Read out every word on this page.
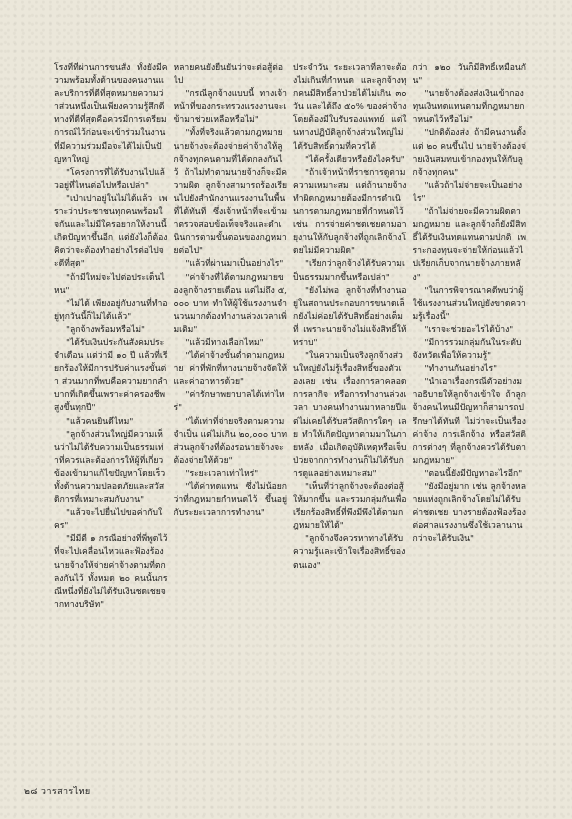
โรงที่ที่ผ่านการขนสั่ง ทั้งยังมีความพร้อมทั้งด้านของคนงานและบริการที่ดีที่สุดหมายความว่าส่วนหนึ่งเป็นเพียงความรู้สึกดี ทางที่ดีที่สุดคือควรมีการเตรียมการณ์ไว้ก่อนจะเข้าร่วมในงานที่มีความร่วมมือจะได้ไม่เป็นปัญหาใหญ่

"โครงการที่ได้รับงานไปแล้วอยู่ที่ไหนต่อไปหรือเปล่า"

"เป่าเปาอยู่ในไม่ได้แล้ว เพราะว่าประชาชนทุกคนพร้อมใจกันและไม่มีใครอยากให้งานนี้เกิดปัญหาขึ้นอีก แต่ยังไงก็ต้องคิดว่าจะต้องทำอย่างไรต่อไปจะดีที่สุด"

"ถ้ามีใหม่จะไปต่อประเด็นไหน"

"ไม่ได้ เพียงอยู่กับงานที่ทำอยู่ทุกวันนี้ก็ไม่ได้แล้ว"

"ลูกจ้างพร้อมหรือไม่"

"ได้รับเงินประกันสังคมประจำเดือน แต่ว่ามี ๑๐ ปี แล้วที่เรียกร้องให้มีการปรับค่าแรงขั้นต่ำ ส่วนมากที่พบคือความยากลำบากที่เกิดขึ้นเพราะค่าครองชีพสูงขึ้นทุกปี"

"แล้วคนยินดีไหม"

"ลูกจ้างส่วนใหญ่มีความเห็นว่าไม่ได้รับความเป็นธรรมเท่าที่ควรและต้องการให้ผู้ที่เกี่ยวข้องเข้ามาแก้ไขปัญหาโดยเร็ว ทั้งด้านความปลอดภัยและสวัสดิการที่เหมาะสมกับงาน"

"แล้วจะไปยื่นไปขอค่ากับใคร"

"มีมีตี ๑ กรณีอย่างที่พี่พูดไว้ที่จะไปเคลื่อนไหวและฟ้องร้องนายจ้างให้จ่ายค่าจ้างตามที่ตกลงกันไว้ ทั้งหมด ๒๐ คนนั้นกรณีหนึ่งที่ยังไม่ได้รับเงินชดเชยจากทางบริษัท"

หลายคนยังยืนยันว่าจะต่อสู้ต่อไป

"กรณีลูกจ้างแบบนี้ ทางเจ้าหน้าที่ของกระทรวงแรงงานจะเข้ามาช่วยเหลือหรือไม่"

"ทั้งที่จริงแล้วตามกฎหมาย นายจ้างจะต้องจ่ายค่าจ้างให้ลูกจ้างทุกคนตามที่ได้ตกลงกันไว้ ถ้าไม่ทำตามนายจ้างก็จะมีความผิด ลูกจ้างสามารถร้องเรียนไปยังสำนักงานแรงงานในพื้นที่ได้ทันที ซึ่งเจ้าหน้าที่จะเข้ามาตรวจสอบข้อเท็จจริงและดำเนินการตามขั้นตอนของกฎหมายต่อไป"

"แล้วที่ผ่านมาเป็นอย่างไร"

"ค่าจ้างที่ได้ตามกฎหมายของลูกจ้างรายเดือน แต่ไม่ถึง ๕,๐๐๐ บาท ทำให้ผู้ใช้แรงงานจำนวนมากต้องทำงานล่วงเวลาเพิ่มเติม"

"แล้วมีทางเลือกไหม"

"ได้ค่าจ้างขั้นต่ำตามกฎหมาย ค่าที่พักที่ทางนายจ้างจัดให้ และค่าอาหารด้วย"

"ค่ารักษาพยาบาลได้เท่าไหร่"

"ได้เท่าที่จ่ายจริงตามความจำเป็น แต่ไม่เกิน ๒๐,๐๐๐ บาท ส่วนลูกจ้างที่ต้องรอนายจ้างจะต้องจ่ายให้ด้วย"

"ระยะเวลาเท่าไหร่"

"ได้ค่าทดแทน ซึ่งไม่น้อยกว่าที่กฎหมายกำหนดไว้ ขึ้นอยู่กับระยะเวลาการทำงาน"

ประจำวัน ระยะเวลาที่ลาจะต้องไม่เกินที่กำหนด และลูกจ้างทุกคนมีสิทธิ์ลาป่วยได้ไม่เกิน ๓๐ วัน และได้ถึง ๕๐% ของค่าจ้างโดยต้องมีใบรับรองแพทย์ แต่ในทางปฏิบัติลูกจ้างส่วนใหญ่ไม่ได้รับสิทธิ์ตามที่ควรได้

"ได้ครั้งเดียวหรือยังไงครับ"

"ถ้าเจ้าหน้าที่ราชการดูตามความเหมาะสม แต่ถ้านายจ้างทำผิดกฎหมายต้องมีการดำเนินการตามกฎหมายที่กำหนดไว้ เช่น การจ่ายค่าชดเชยตามอายุงานให้กับลูกจ้างที่ถูกเลิกจ้างโดยไม่มีความผิด"

"เรียกว่าลูกจ้างได้รับความเป็นธรรมมากขึ้นหรือเปล่า"

"ยังไม่พอ ลูกจ้างที่ทำงานอยู่ในสถานประกอบการขนาดเล็กยังไม่ค่อยได้รับสิทธิ์อย่างเต็มที่ เพราะนายจ้างไม่แจ้งสิทธิ์ให้ทราบ"

"ในความเป็นจริงลูกจ้างส่วนใหญ่ยังไม่รู้เรื่องสิทธิ์ของตัวเองเลย เช่น เรื่องการลาคลอด การลากิจ หรือการทำงานล่วงเวลา บางคนทำงานมาหลายปีแต่ไม่เคยได้รับสวัสดิการใดๆ เลย ทำให้เกิดปัญหาตามมาในภายหลัง เมื่อเกิดอุบัติเหตุหรือเจ็บป่วยจากการทำงานก็ไม่ได้รับการดูแลอย่างเหมาะสม"

"เห็นที่ว่าลูกจ้างจะต้องต่อสู้ให้มากขึ้น และรวมกลุ่มกันเพื่อเรียกร้องสิทธิ์ที่พึงมีพึงได้ตามกฎหมายให้ได้"

"ลูกจ้างจึงควรหาทางได้รับความรู้และเข้าใจเรื่องสิทธิ์ของตนเอง"

กว่า ๑๒๐ วันก็มีสิทธิ์เหมือนกัน"

"นายจ้างต้องส่งเงินเข้ากองทุนเงินทดแทนตามที่กฎหมายกำหนดไว้หรือไม่"

"ปกติต้องส่ง ถ้ามีคนงานตั้งแต่ ๒๐ คนขึ้นไป นายจ้างต้องจ่ายเงินสมทบเข้ากองทุนให้กับลูกจ้างทุกคน"

"แล้วถ้าไม่จ่ายจะเป็นอย่างไร"

"ถ้าไม่จ่ายจะมีความผิดตามกฎหมาย และลูกจ้างก็ยังมีสิทธิ์ได้รับเงินทดแทนตามปกติ เพราะกองทุนจะจ่ายให้ก่อนแล้วไปเรียกเก็บจากนายจ้างภายหลัง"

"ในการพิจารณาคดีพบว่าผู้ใช้แรงงานส่วนใหญ่ยังขาดความรู้เรื่องนี้"

"เราจะช่วยอะไรได้บ้าง"

"มีการรวมกลุ่มกันในระดับจังหวัดเพื่อให้ความรู้"

"ทำงานกันอย่างไร"

"นำเอาเรื่องกรณีตัวอย่างมาอธิบายให้ลูกจ้างเข้าใจ ถ้าลูกจ้างคนไหนมีปัญหาก็สามารถปรึกษาได้ทันที ไม่ว่าจะเป็นเรื่องค่าจ้าง การเลิกจ้าง หรือสวัสดิการต่างๆ ที่ลูกจ้างควรได้รับตามกฎหมาย"

"ตอนนี้ยังมีปัญหาอะไรอีก"

"ยังมีอยู่มาก เช่น ลูกจ้างหลายแห่งถูกเลิกจ้างโดยไม่ได้รับค่าชดเชย บางรายต้องฟ้องร้องต่อศาลแรงงานซึ่งใช้เวลานานกว่าจะได้รับเงิน"

๒๘ วารสารไทย
